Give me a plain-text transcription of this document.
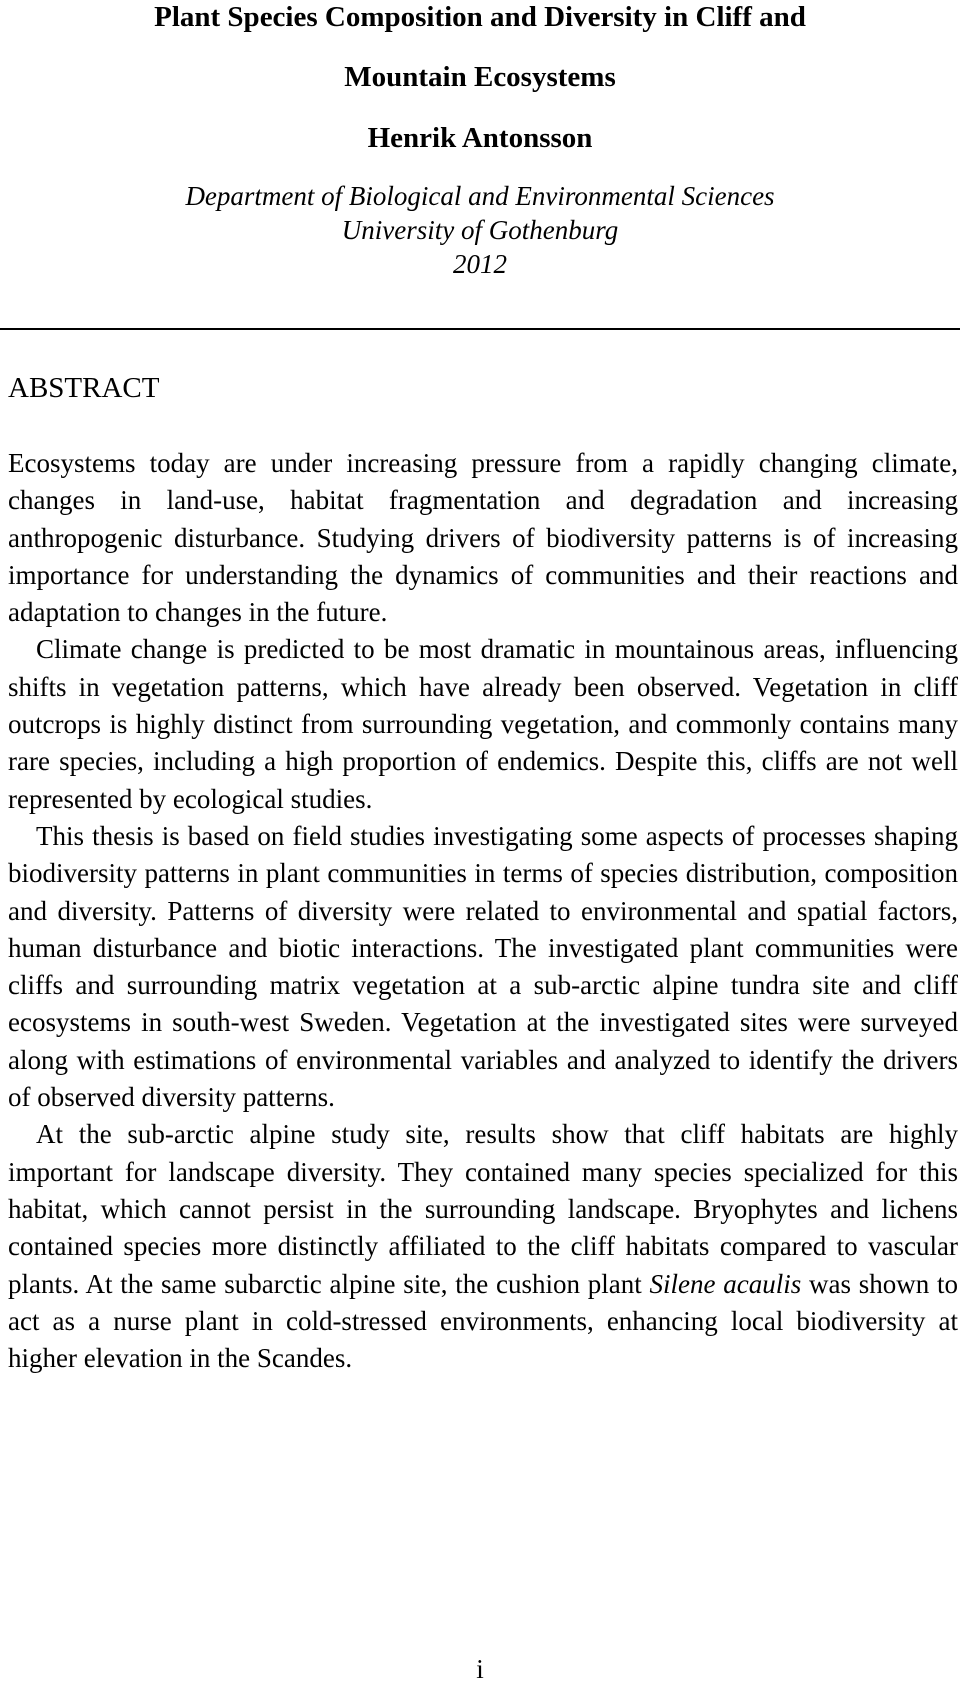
Plant Species Composition and Diversity in Cliff and
Mountain Ecosystems
Henrik Antonsson
Department of Biological and Environmental Sciences
University of Gothenburg
2012
ABSTRACT

Ecosystems today are under increasing pressure from a rapidly changing climate, changes in land-use, habitat fragmentation and degradation and increasing anthropogenic disturbance. Studying drivers of biodiversity patterns is of increasing importance for understanding the dynamics of communities and their reactions and adaptation to changes in the future.

Climate change is predicted to be most dramatic in mountainous areas, influencing shifts in vegetation patterns, which have already been observed. Vegetation in cliff outcrops is highly distinct from surrounding vegetation, and commonly contains many rare species, including a high proportion of endemics. Despite this, cliffs are not well represented by ecological studies.

This thesis is based on field studies investigating some aspects of processes shaping biodiversity patterns in plant communities in terms of species distribution, composition and diversity. Patterns of diversity were related to environmental and spatial factors, human disturbance and biotic interactions. The investigated plant communities were cliffs and surrounding matrix vegetation at a sub-arctic alpine tundra site and cliff ecosystems in south-west Sweden. Vegetation at the investigated sites were surveyed along with estimations of environmental variables and analyzed to identify the drivers of observed diversity patterns.

At the sub-arctic alpine study site, results show that cliff habitats are highly important for landscape diversity. They contained many species specialized for this habitat, which cannot persist in the surrounding landscape. Bryophytes and lichens contained species more distinctly affiliated to the cliff habitats compared to vascular plants. At the same subarctic alpine site, the cushion plant Silene acaulis was shown to act as a nurse plant in cold-stressed environments, enhancing local biodiversity at higher elevation in the Scandes.

i
